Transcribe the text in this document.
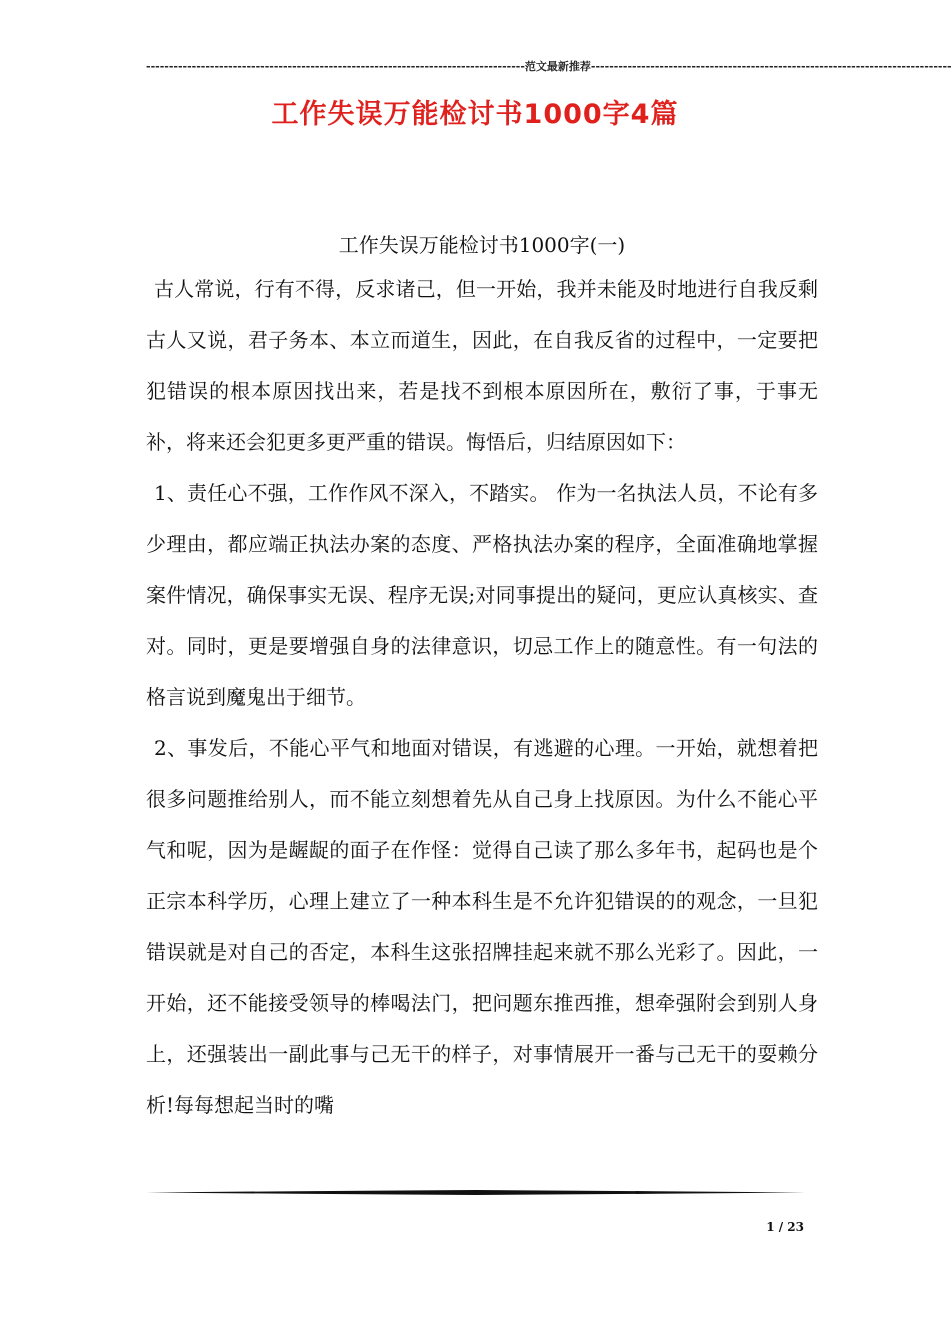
-----------------------------------------------------------------------------------范文最新推荐-------------------------------------------------------------------------------
工作失误万能检讨书1000字4篇

工作失误万能检讨书1000字(一)

古人常说，行有不得，反求诸己，但一开始，我并未能及时地进行自我反剩古人又说，君子务本、本立而道生，因此，在自我反省的过程中，一定要把犯错误的根本原因找出来，若是找不到根本原因所在，敷衍了事，于事无补，将来还会犯更多更严重的错误。悔悟后，归结原因如下：

1、责任心不强，工作作风不深入，不踏实。 作为一名执法人员，不论有多少理由，都应端正执法办案的态度、严格执法办案的程序，全面准确地掌握案件情况，确保事实无误、程序无误;对同事提出的疑问，更应认真核实、查对。同时，更是要增强自身的法律意识，切忌工作上的随意性。有一句法的格言说到魔鬼出于细节。

2、事发后，不能心平气和地面对错误，有逃避的心理。一开始，就想着把很多问题推给别人，而不能立刻想着先从自己身上找原因。为什么不能心平气和呢，因为是龌龊的面子在作怪：觉得自己读了那么多年书，起码也是个正宗本科学历，心理上建立了一种本科生是不允许犯错误的的观念，一旦犯错误就是对自己的否定，本科生这张招牌挂起来就不那么光彩了。因此，一开始，还不能接受领导的棒喝法门，把问题东推西推，想牵强附会到别人身上，还强装出一副此事与己无干的样子，对事情展开一番与己无干的耍赖分析!每每想起当时的嘴

1 / 23
